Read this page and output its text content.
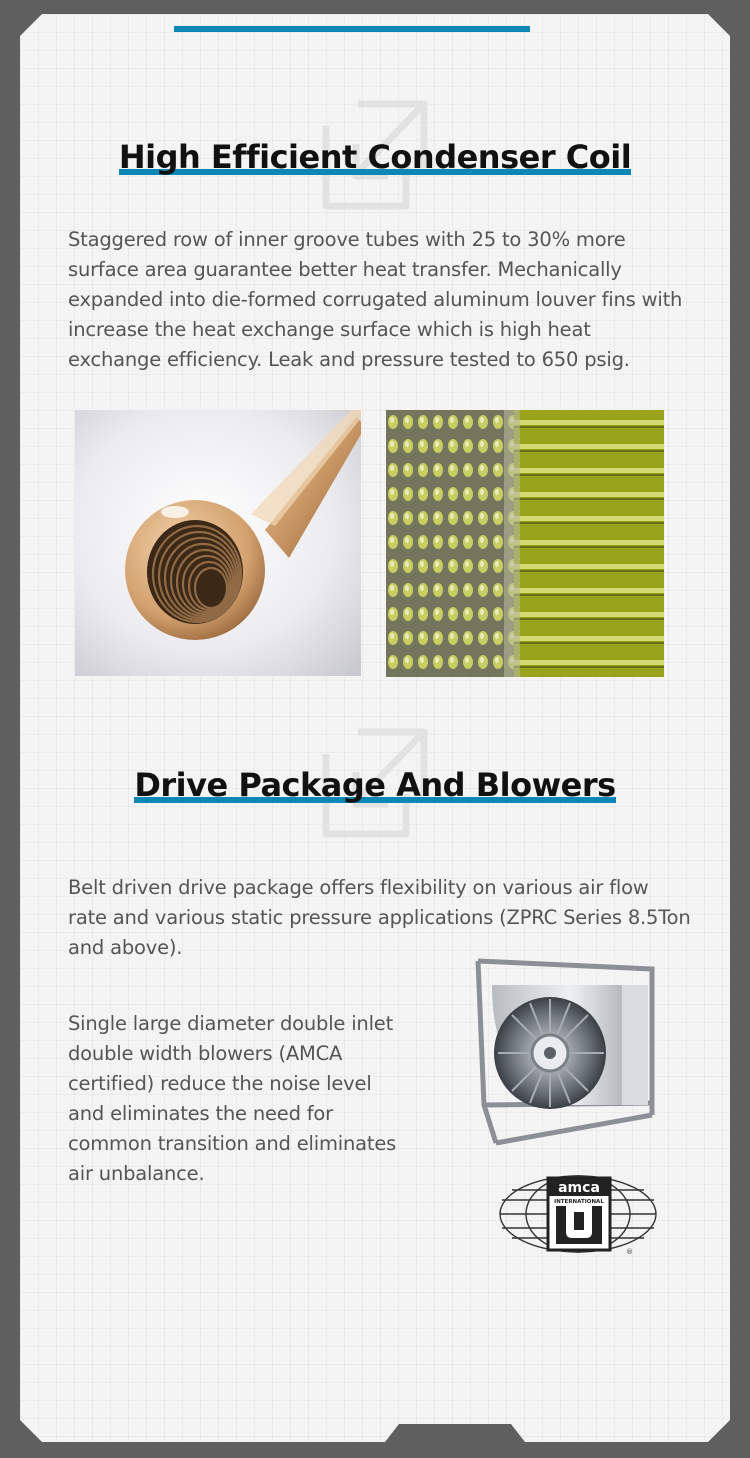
High Efficient Condenser Coil

Staggered row of inner groove tubes with 25 to 30% more surface area guarantee better heat transfer. Mechanically expanded into die-formed corrugated aluminum louver fins with increase the heat exchange surface which is high heat exchange efficiency. Leak and pressure tested to 650 psig.

Drive Package And Blowers

Belt driven drive package offers flexibility on various air flow rate and various static pressure applications (ZPRC Series 8.5Ton and above).

Single large diameter double inlet double width blowers (AMCA certified) reduce the noise level and eliminates the need for common transition and eliminates air unbalance.

amca
INTERNATIONAL
®
